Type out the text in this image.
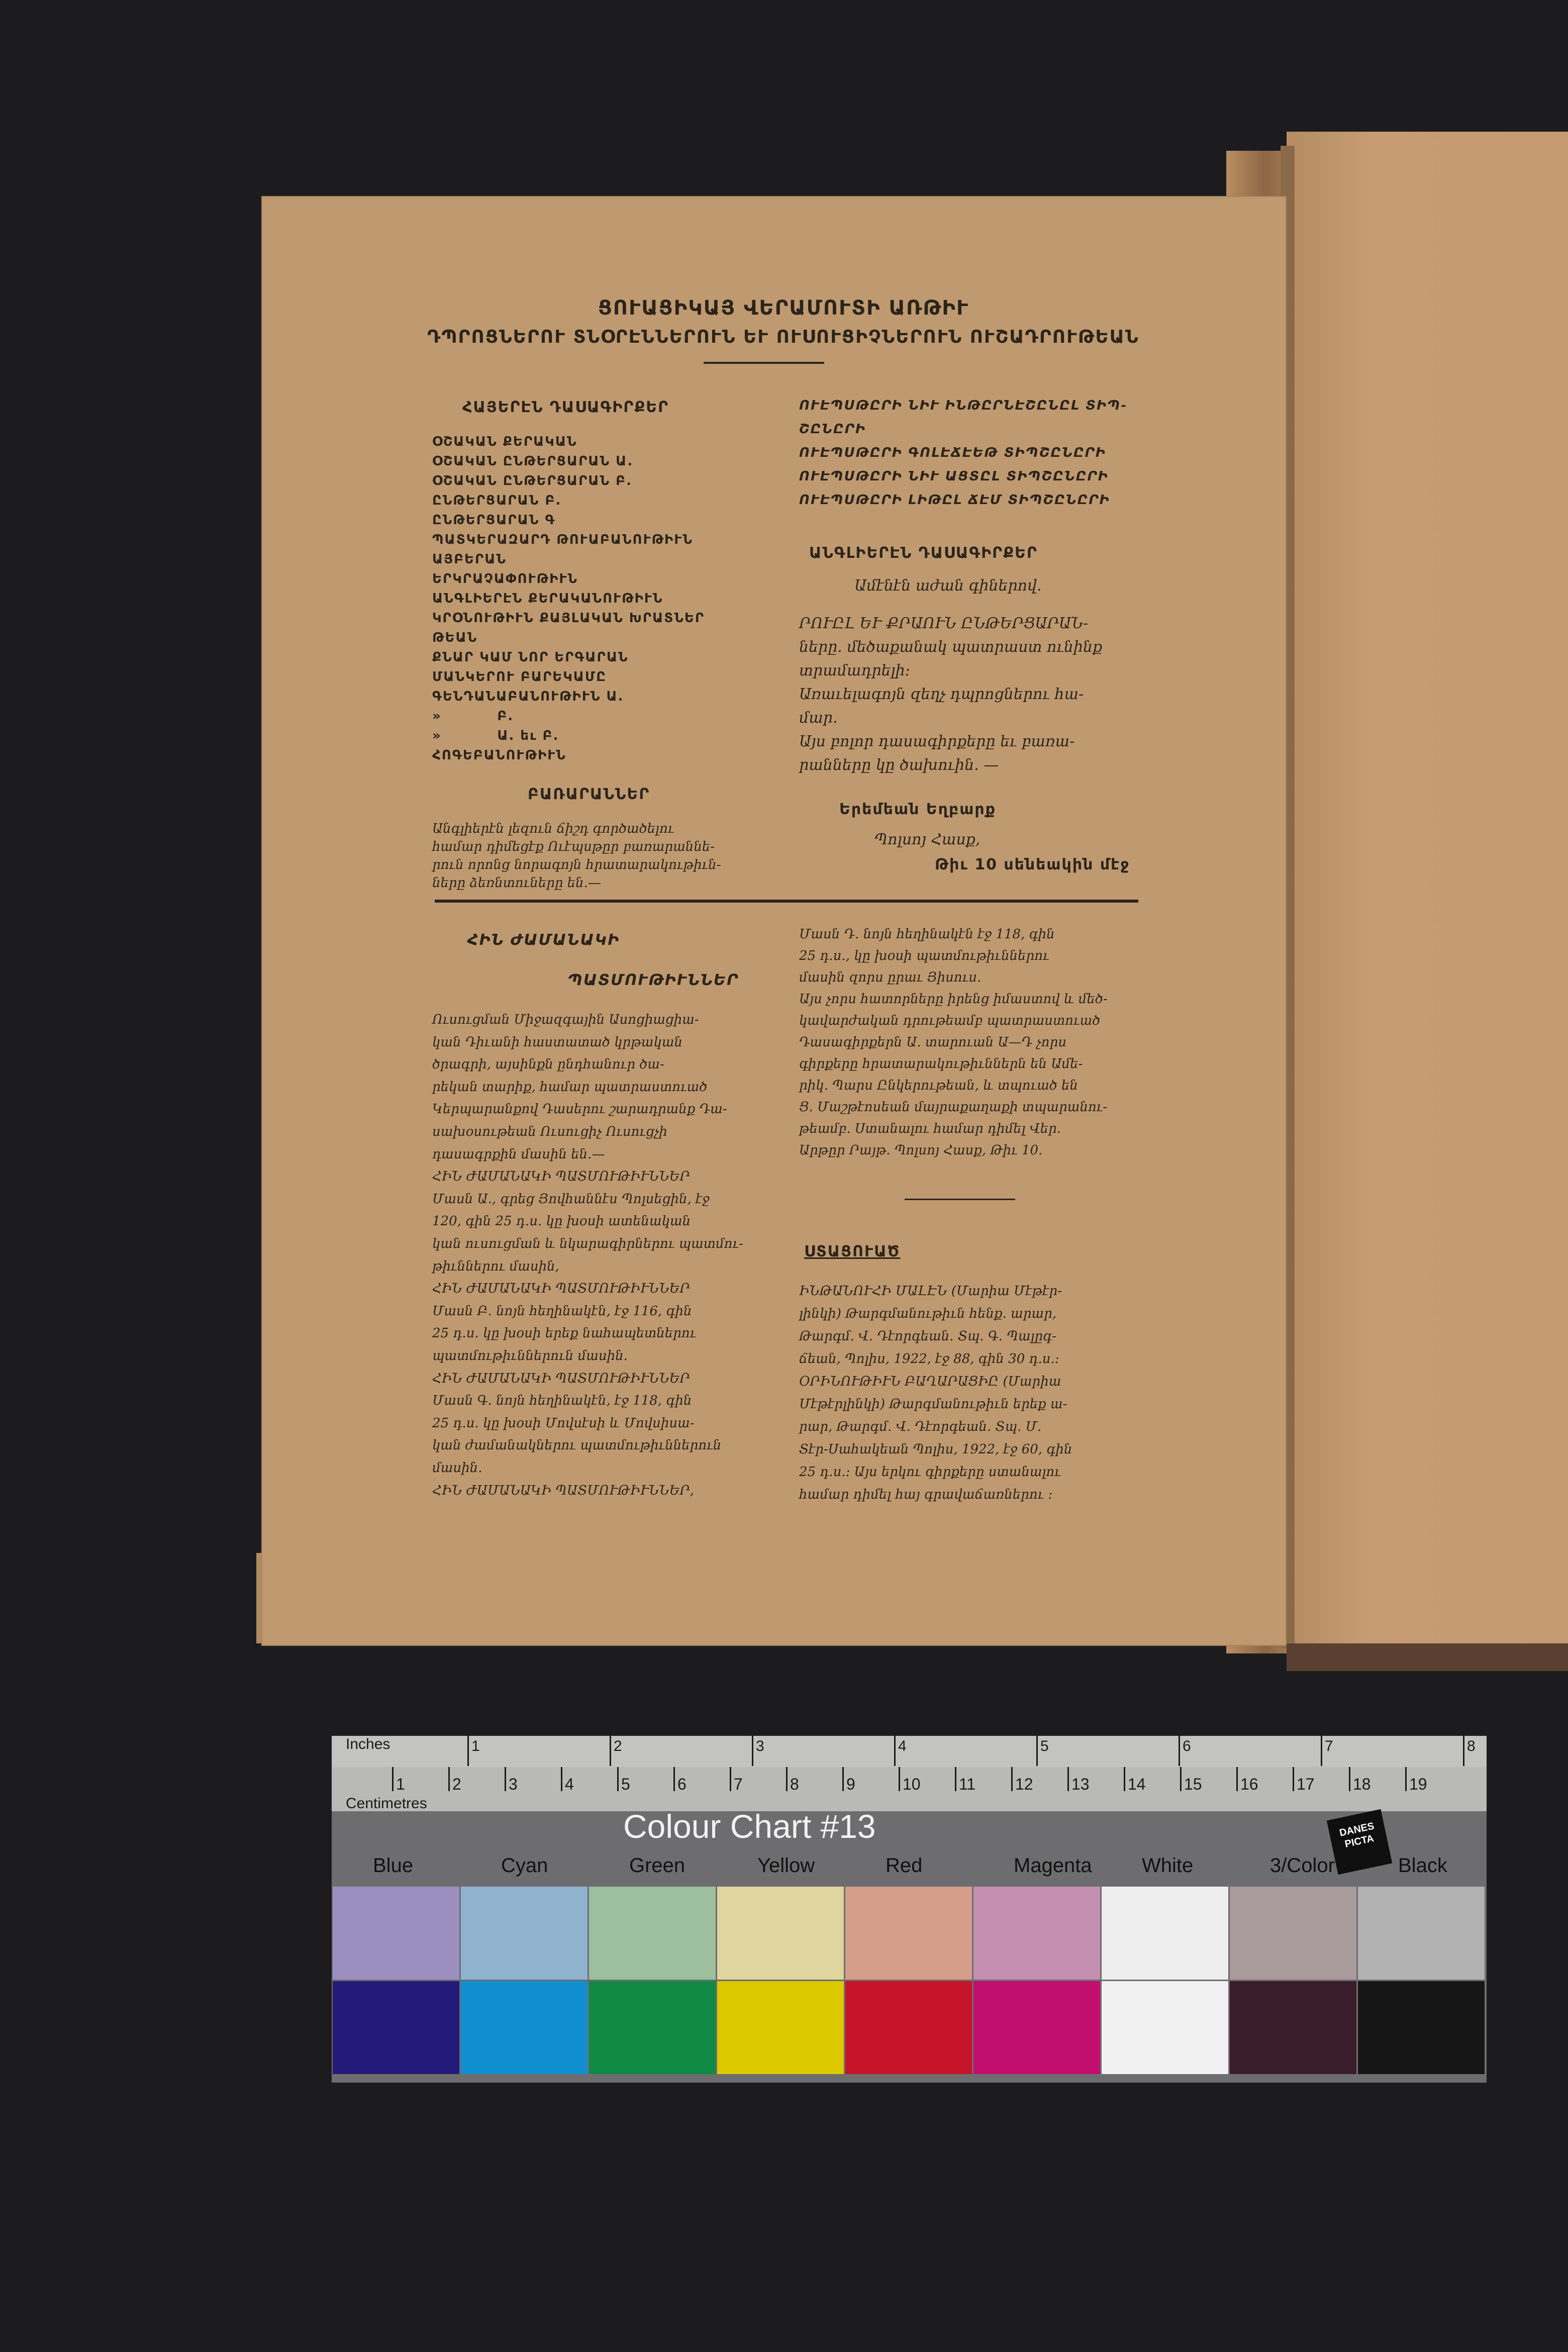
ՑՈՒԱՑԻԿԱՅ ՎԵՐԱՄՈՒՏԻ ԱՌԹԻՒ
ԴՊՐՈՑՆԵՐՈՒ ՏՆՕՐԷՆՆԵՐՈՒՆ ԵՒ ՈՒՍՈՒՑԻՉՆԵՐՈՒՆ ՈՒՇԱԴՐՈՒԹԵԱՆ
ՀԱՅԵՐԷՆ ԴԱՍԱԳԻՐՔԵՐ
ՕՇԱԿԱՆ ՔԵՐԱԿԱՆ
ՕՇԱԿԱՆ ԸՆԹԵՐՑԱՐԱՆ Ա.
ՕՇԱԿԱՆ ԸՆԹԵՐՑԱՐԱՆ Բ.
ԸՆԹԵՐՑԱՐԱՆ Բ.
ԸՆԹԵՐՑԱՐԱՆ Գ
ՊԱՏԿԵՐԱԶԱՐԴ ԹՈՒԱԲԱՆՈՒԹԻՒՆ
ԱՅԲԵՐԱՆ
ԵՐԿՐԱՉԱՓՈՒԹԻՒՆ
ԱՆԳԼԻԵՐԷՆ ՔԵՐԱԿԱՆՈՒԹԻՒՆ
ԿՐՕՆՈՒԹԻՒՆ ՔԱՅԼԱԿԱՆ ԽՐԱՏՆԵՐ
ԹԵԱՆ
ՔՆԱՐ ԿԱՄ ՆՈՐ ԵՐԳԱՐԱՆ
ՄԱՆԿԵՐՈՒ ԲԱՐԵԿԱՄԸ
ԳԵՆԴԱՆԱԲԱՆՈՒԹԻՒՆ Ա.
»          Բ.
»          Ա. եւ Բ.
ՀՈԳԵԲԱՆՈՒԹԻՒՆ
ԲԱՌԱՐԱՆՆԵՐ
Անգլիերէն լեզուն ճիշդ գործածելու
համար դիմեցէք Ուէպսթըր բառարաննե-
րուն որոնց նորագոյն հրատարակութիւն-
ները ձեռնտուները են.—
ՈՒԷՊՍԹԸՐԻ ՆԻՒ ԻՆԹԸՐՆԷՇԸՆԸԼ ՏԻՊ-
ՇԸՆԸՐԻ
ՈՒԷՊՍԹԸՐԻ ԳՈԼԷՃԷԵԹ ՏԻՊՇԸՆԸՐԻ
ՈՒԷՊՍԹԸՐԻ ՆԻՒ ԱՑՏԸԼ ՏԻՊՇԸՆԸՐԻ
ՈՒԷՊՍԹԸՐԻ ԼԻԹԸԼ ՃԷՄ ՏԻՊՇԸՆԸՐԻ
ԱՆԳԼԻԵՐԷՆ ԴԱՍԱԳԻՐՔԵՐ
Ամէնէն աժան գիներով.
ՐՈՒԸԼ ԵՒ ՔՐԱՈՒՆ ԸՆԹԵՐՑԱՐԱՆ-
ները. մեծաքանակ պատրաստ ունինք
տրամադրելի:
Առաւելագոյն զեղչ դպրոցներու հա-
մար.
Այս բոլոր դասագիրքերը եւ բառա-
րանները կը ծախուին. —
Երեմեան Եղբարք
Պոլսոյ Հասք,
Թիւ 10 սենեակին մէջ
ՀԻՆ ԺԱՄԱՆԱԿԻ
ՊԱՏՄՈՒԹԻՒՆՆԵՐ
Ուսուցման Միջազգային Ասոցիացիա-
կան Դիւանի հաստատած կրթական
ծրագրի, այսինքն ընդհանուր ծա-
րեկան տարիք, համար պատրաստուած
Կերպարանքով Դասերու շարադրանք Դա-
սախօսութեան Ուսուցիչ Ուսուցչի
դասագրքին մասին են.—
ՀԻՆ ԺԱՄԱՆԱԿԻ ՊԱՏՄՈՒԹԻՒՆՆԵՐ
Մասն Ա., գրեց Յովհաննէս Պոլսեցին, էջ
120, գին 25 դ.ս. կը խօսի ատենական
կան ուսուցման և նկարագիրներու պատմու-
թիւններու մասին,
ՀԻՆ ԺԱՄԱՆԱԿԻ ՊԱՏՄՈՒԹԻՒՆՆԵՐ
Մասն Բ. նոյն հեղինակէն, էջ 116, գին
25 դ.ս. կը խօսի երեք նահապետներու
պատմութիւններուն մասին.
ՀԻՆ ԺԱՄԱՆԱԿԻ ՊԱՏՄՈՒԹԻՒՆՆԵՐ
Մասն Գ. նոյն հեղինակէն, էջ 118, գին
25 դ.ս. կը խօսի Մովսէսի և Մովսիսա-
կան ժամանակներու պատմութիւններուն
մասին.
ՀԻՆ ԺԱՄԱՆԱԿԻ ՊԱՏՄՈՒԹԻՒՆՆԵՐ,
Մասն Դ. նոյն հեղինակէն էջ 118, գին
25 դ.ս., կը խօսի պատմութիւններու
մասին զորս ըրաւ Յիսուս.
Այս չորս հատորները իրենց իմաստով և մեծ-
կավարժական դրութեամբ պատրաստուած
Դասագիրքերն Ա. տարուան Ա—Դ չորս
գիրքերը հրատարակութիւններն են Ամե-
րիկ. Պարս Ընկերութեան, և տպուած են
Ց. Մաշթէոսեան մայրաքաղաքի տպարանու-
թեամբ. Ստանալու համար դիմել Վեր.
Արթըր Րայթ. Պոլսոյ Հասք, Թիւ 10.
ՍՏԱՑՈՒԱԾ
ԻՆԹԱՆՈՒՀԻ ՄԱԼԷՆ (Մարիա Մէթէր-
լինկի) Թարգմանութիւն հենք. արար,
Թարգմ. Վ. Դէորգեան. Տպ. Գ. Պալըգ-
ճեան, Պոլիս, 1922, էջ 88, գին 30 դ.ս.։
ՕՐԻՆՈՒԹԻՒՆ ԲԱՂԱՐԱՑԻԸ (Մարիա
Մէթէրլինկի) Թարգմանութիւն երեք ա-
րար, Թարգմ. Վ. Դէորգեան. Տպ. Մ.
Տէր-Սահակեան Պոլիս, 1922, էջ 60, գին
25 դ.ս.։ Այս երկու գիրքերը ստանալու
համար դիմել հայ գրավաճառներու ։
Inches
Centimetres
1	2	3	4	5	6	7	8
1	2	3	4	5	6	7	8	9	10 11 12 13 14 15 16 17 18 19
Colour Chart #13	DANES PICTA
Blue	Cyan	Green	Yellow	Red	Magenta White	3/Color	Black
